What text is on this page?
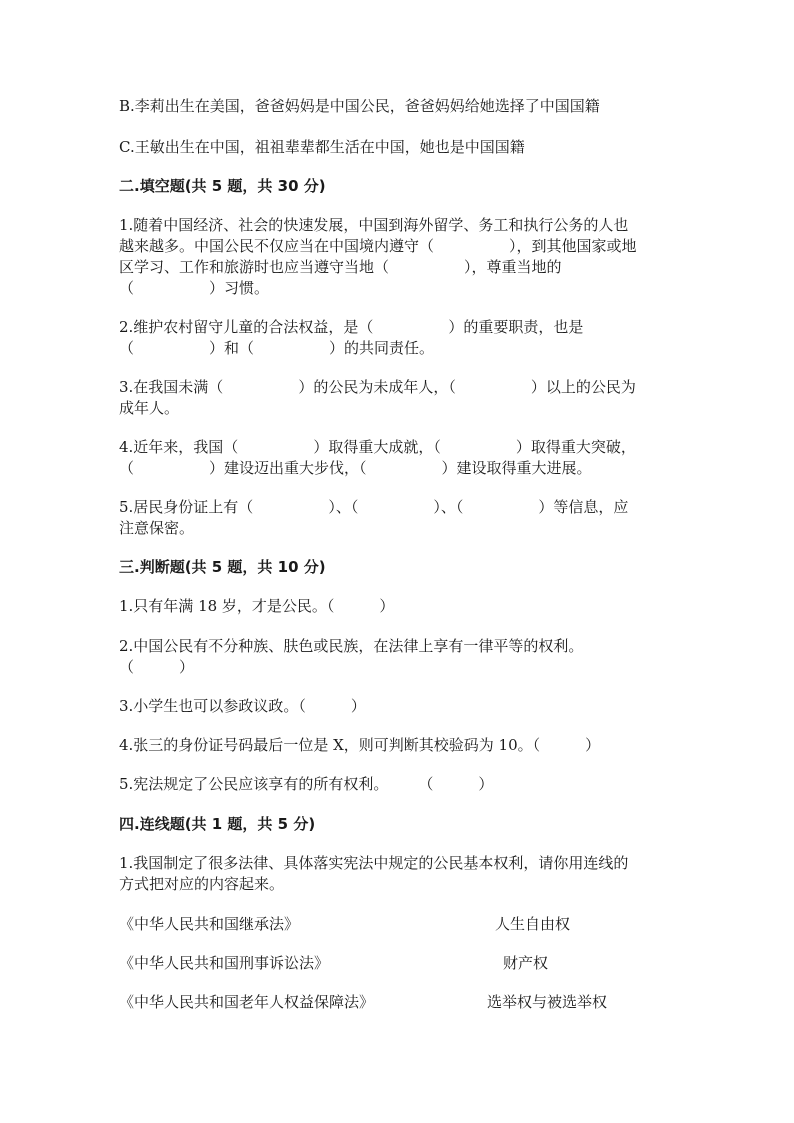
B.李莉出生在美国，爸爸妈妈是中国公民，爸爸妈妈给她选择了中国国籍
C.王敏出生在中国，祖祖辈辈都生活在中国，她也是中国国籍
二.填空题(共 5 题，共 30 分)
1.随着中国经济、社会的快速发展，中国到海外留学、务工和执行公务的人也
越来越多。中国公民不仅应当在中国境内遵守（　　　　　），到其他国家或地
区学习、工作和旅游时也应当遵守当地（　　　　　），尊重当地的
（　　　　　）习惯。
2.维护农村留守儿童的合法权益，是（　　　　　）的重要职责，也是
（　　　　　）和（　　　　　）的共同责任。
3.在我国未满（　　　　　）的公民为未成年人，（　　　　　）以上的公民为
成年人。
4.近年来，我国（　　　　　）取得重大成就，（　　　　　）取得重大突破，
（　　　　　）建设迈出重大步伐，（　　　　　）建设取得重大进展。
5.居民身份证上有（　　　　　）、（　　　　　）、（　　　　　）等信息，应
注意保密。
三.判断题(共 5 题，共 10 分)
1.只有年满 18 岁，才是公民。（　　　）
2.中国公民有不分种族、肤色或民族，在法律上享有一律平等的权利。
（　　　）
3.小学生也可以参政议政。（　　　）
4.张三的身份证号码最后一位是 X，则可判断其校验码为 10。（　　　）
5.宪法规定了公民应该享有的所有权利。　　　（　　　）
四.连线题(共 1 题，共 5 分)
1.我国制定了很多法律、具体落实宪法中规定的公民基本权利，请你用连线的
方式把对应的内容起来。
《中华人民共和国继承法》	人生自由权
《中华人民共和国刑事诉讼法》	财产权
《中华人民共和国老年人权益保障法》	选举权与被选举权
